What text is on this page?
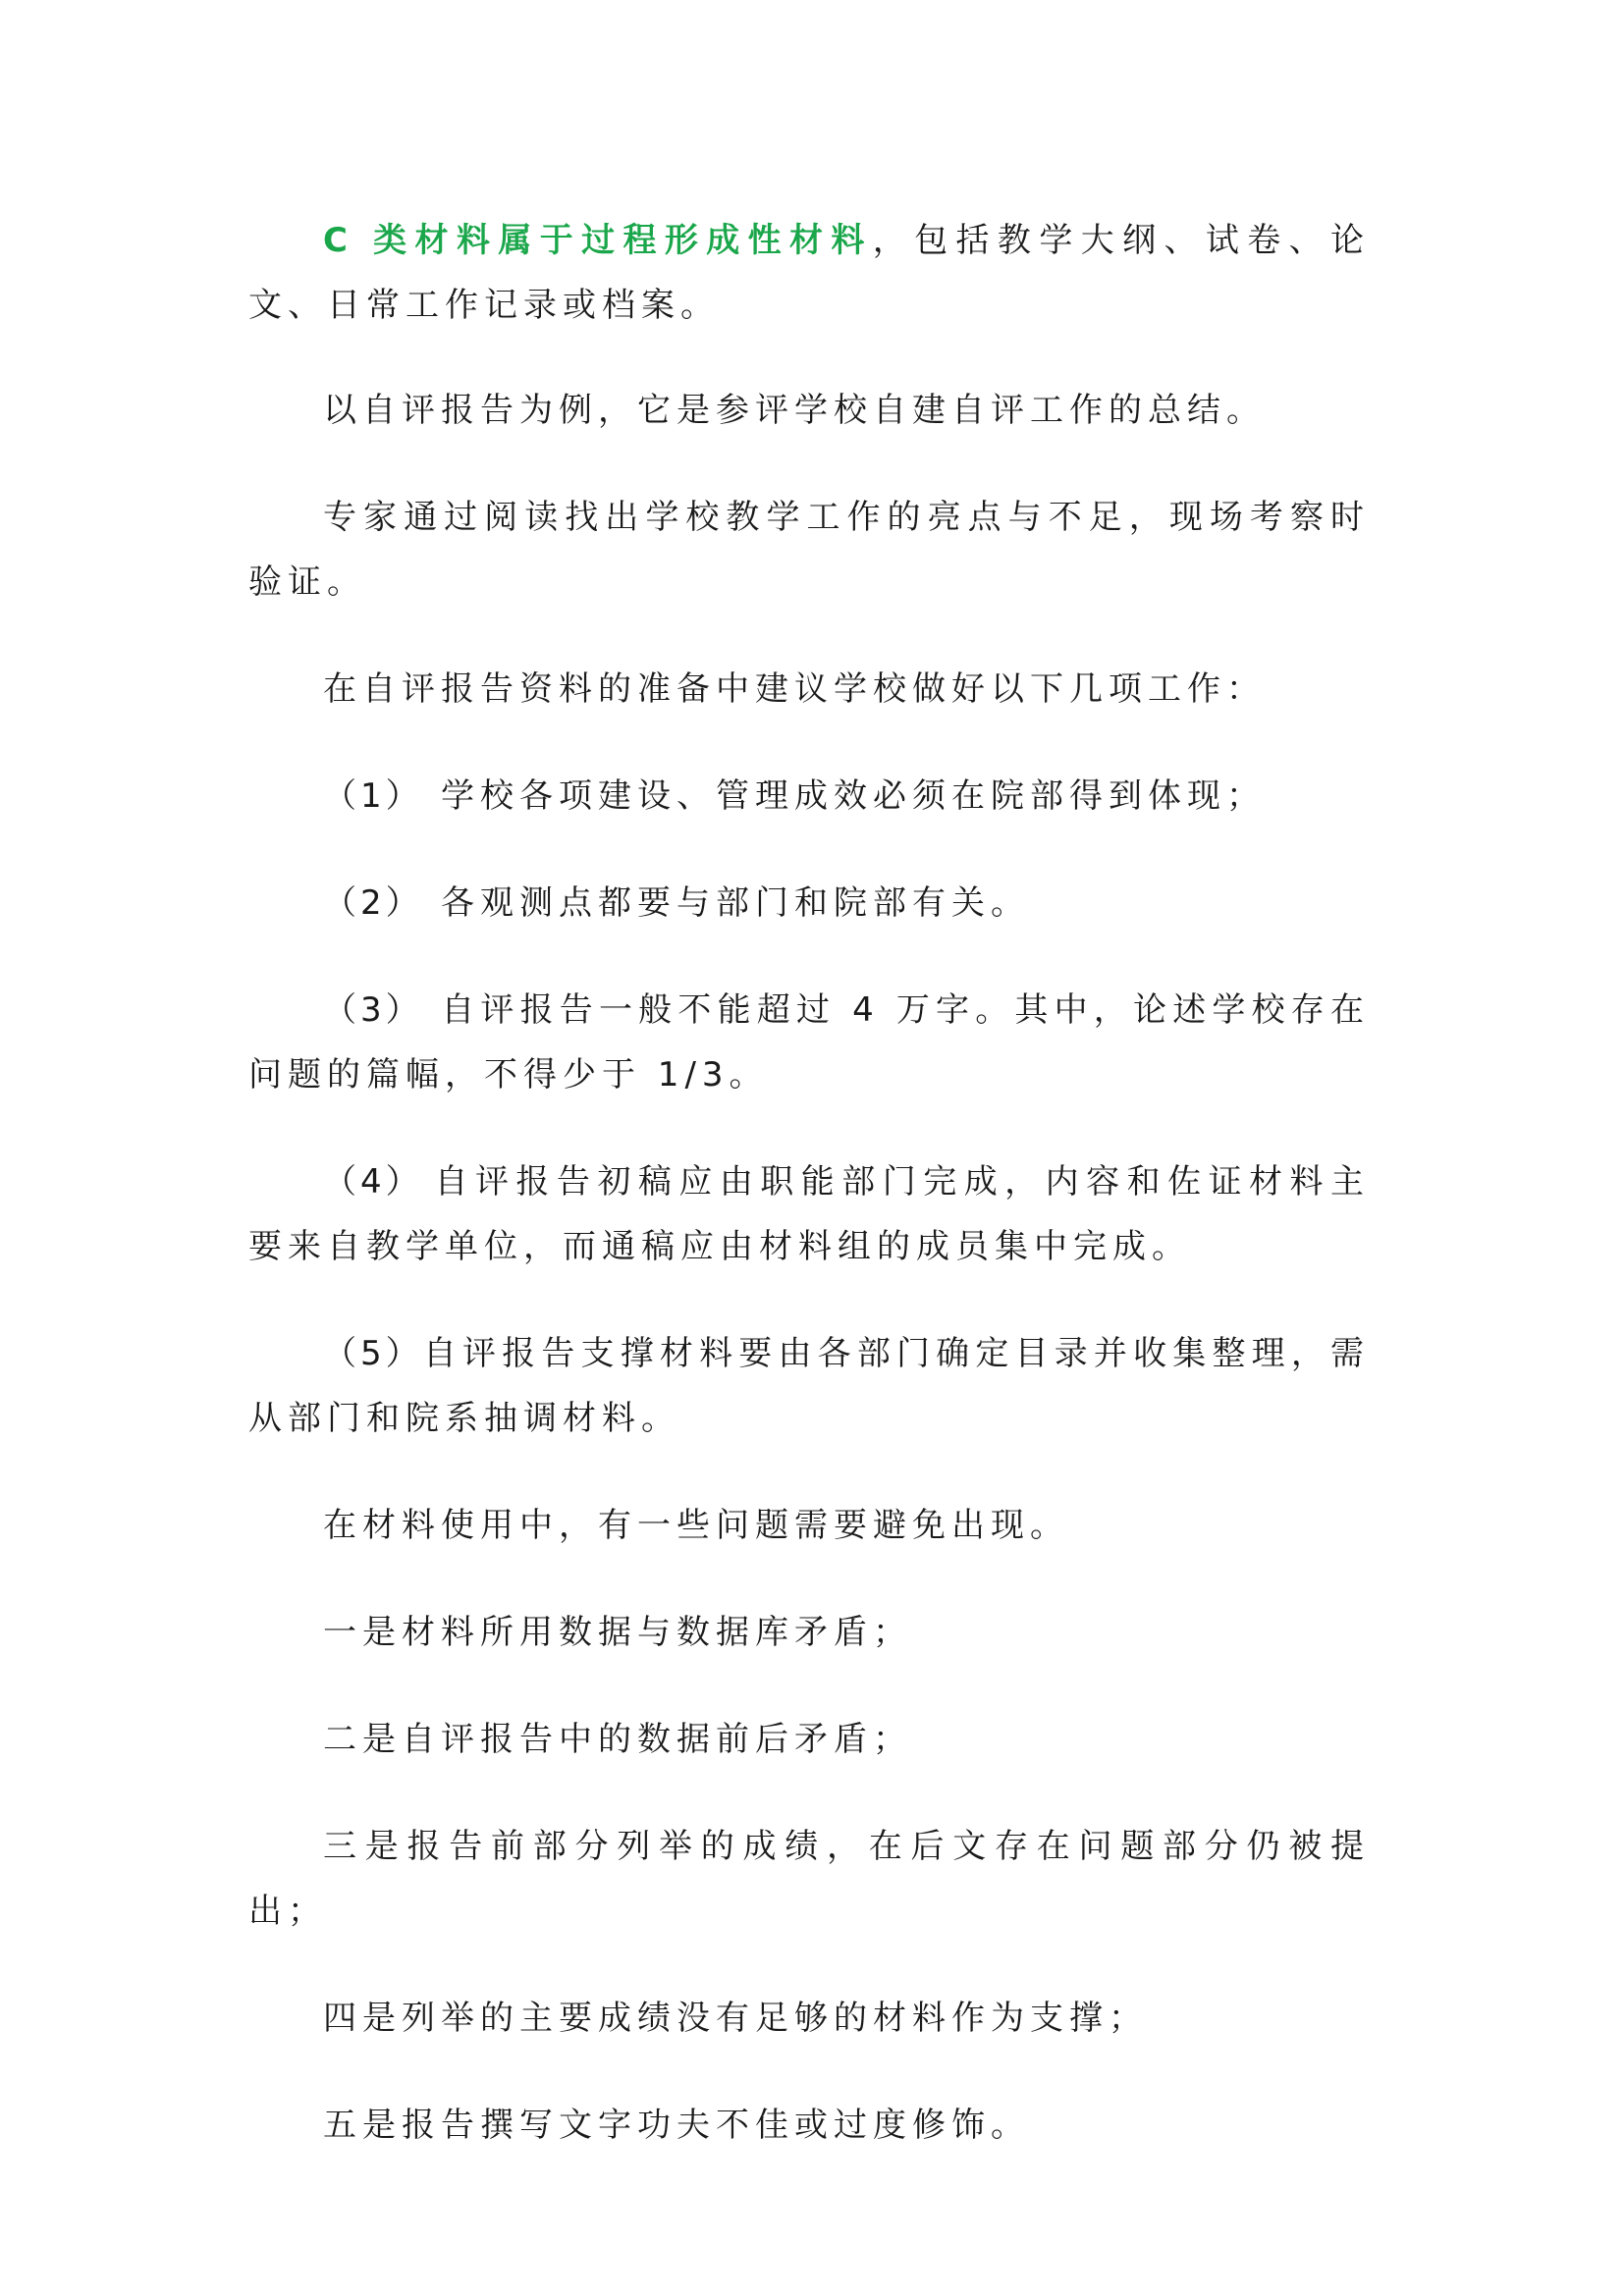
C 类材料属于过程形成性材料，包括教学大纲、试卷、论文、日常工作记录或档案。

以自评报告为例，它是参评学校自建自评工作的总结。

专家通过阅读找出学校教学工作的亮点与不足，现场考察时验证。

在自评报告资料的准备中建议学校做好以下几项工作：

（1） 学校各项建设、管理成效必须在院部得到体现；

（2） 各观测点都要与部门和院部有关。

（3） 自评报告一般不能超过 4 万字。其中，论述学校存在问题的篇幅，不得少于 1/3。

（4） 自评报告初稿应由职能部门完成，内容和佐证材料主要来自教学单位，而通稿应由材料组的成员集中完成。

（5）自评报告支撑材料要由各部门确定目录并收集整理，需从部门和院系抽调材料。

在材料使用中，有一些问题需要避免出现。

一是材料所用数据与数据库矛盾；

二是自评报告中的数据前后矛盾；

三是报告前部分列举的成绩，在后文存在问题部分仍被提出；

四是列举的主要成绩没有足够的材料作为支撑；

五是报告撰写文字功夫不佳或过度修饰。
